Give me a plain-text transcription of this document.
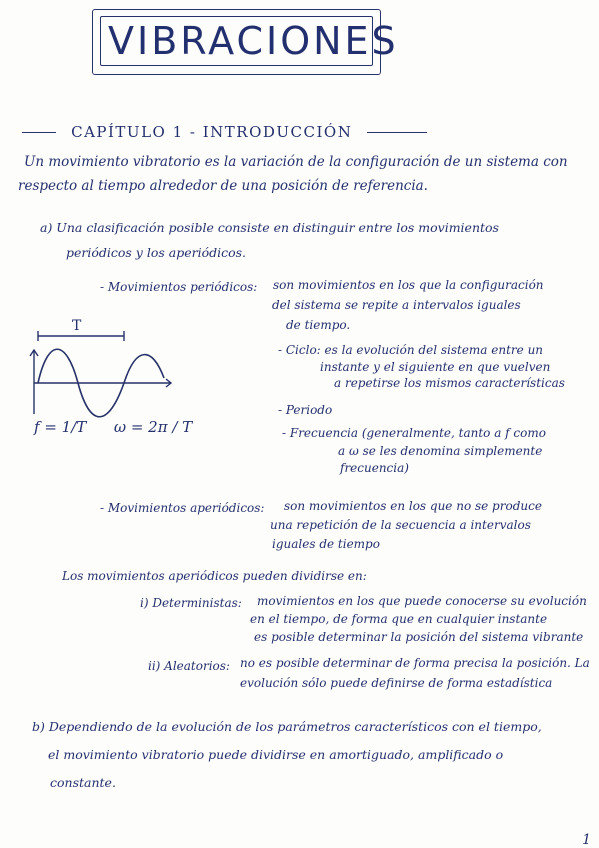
VIBRACIONES
CAPÍTULO 1 - INTRODUCCIÓN
Un movimiento vibratorio es la variación de la configuración de un sistema con
respecto al tiempo alrededor de una posición de referencia.
a) Una clasificación posible consiste en distinguir entre los movimientos
periódicos y los aperiódicos.
- Movimientos periódicos: son movimientos en los que la configuración
del sistema se repite a intervalos iguales
de tiempo.
- Ciclo: es la evolución del sistema entre un
instante y el siguiente en que vuelven
a repetirse los mismos características
- Periodo
- Frecuencia (generalmente, tanto a f como
a ω se les denomina simplemente
frecuencia)
T
f = 1/T ω = 2π / T
- Movimientos aperiódicos: son movimientos en los que no se produce
una repetición de la secuencia a intervalos
iguales de tiempo
Los movimientos aperiódicos pueden dividirse en:
i) Deterministas: movimientos en los que puede conocerse su evolución
en el tiempo, de forma que en cualquier instante
es posible determinar la posición del sistema vibrante
ii) Aleatorios: no es posible determinar de forma precisa la posición. La
evolución sólo puede definirse de forma estadística
b) Dependiendo de la evolución de los parámetros característicos con el tiempo,
el movimiento vibratorio puede dividirse en amortiguado, amplificado o
constante.
1
